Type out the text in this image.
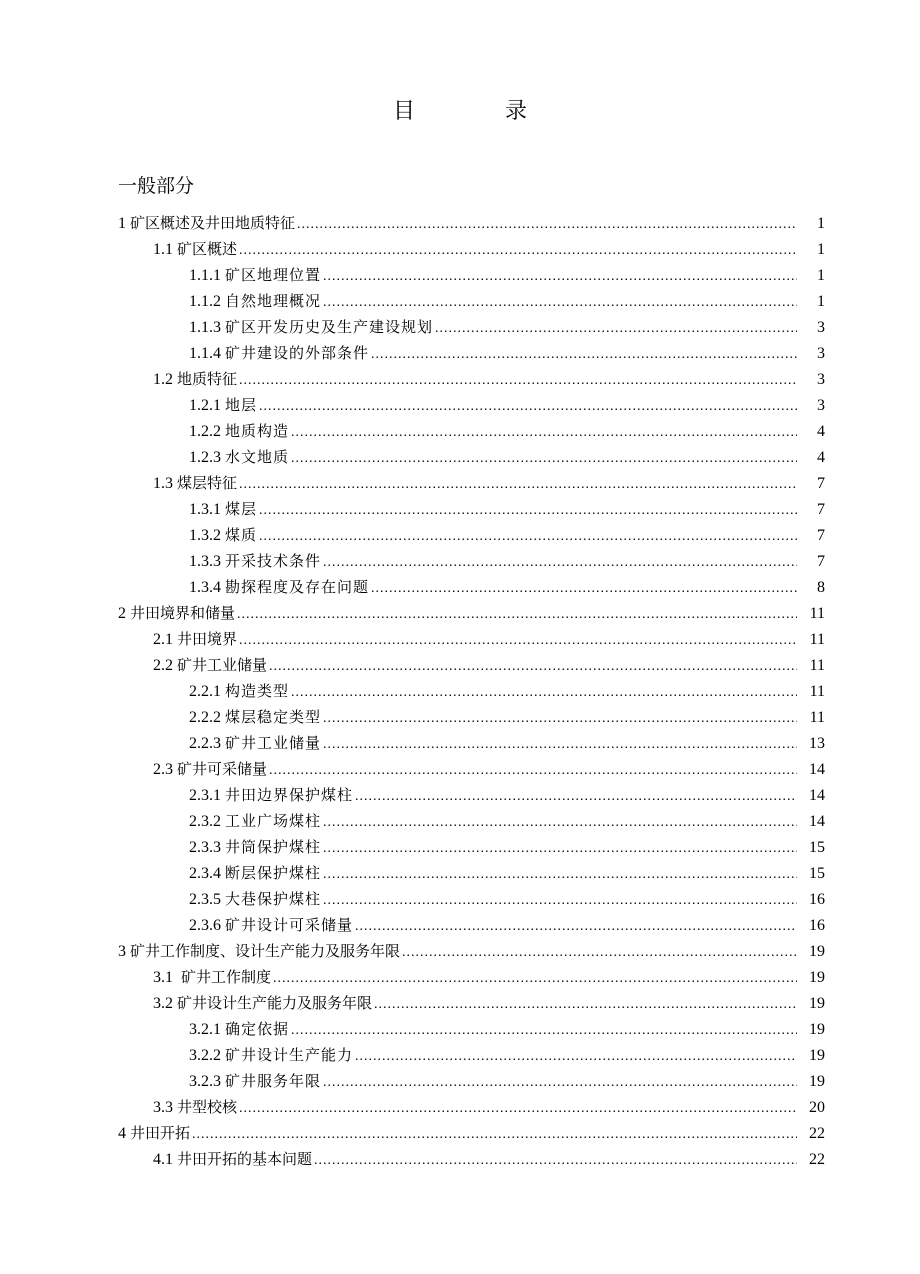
目　录
一般部分
1 矿区概述及井田地质特征 .....	1
1.1 矿区概述 .....	1
1.1.1 矿区地理位置 .....	1
1.1.2 自然地理概况 .....	1
1.1.3 矿区开发历史及生产建设规划 .....	3
1.1.4 矿井建设的外部条件 .....	3
1.2 地质特征 .....	3
1.2.1 地层 .....	3
1.2.2 地质构造 .....	4
1.2.3 水文地质 .....	4
1.3 煤层特征 .....	7
1.3.1 煤层 .....	7
1.3.2 煤质 .....	7
1.3.3 开采技术条件 .....	7
1.3.4 勘探程度及存在问题 .....	8
2 井田境界和储量 .....	11
2.1 井田境界 .....	11
2.2 矿井工业储量 .....	11
2.2.1 构造类型 .....	11
2.2.2 煤层稳定类型 .....	11
2.2.3 矿井工业储量 .....	13
2.3 矿井可采储量 .....	14
2.3.1 井田边界保护煤柱 .....	14
2.3.2 工业广场煤柱 .....	14
2.3.3 井筒保护煤柱 .....	15
2.3.4 断层保护煤柱 .....	15
2.3.5 大巷保护煤柱 .....	16
2.3.6 矿井设计可采储量 .....	16
3 矿井工作制度、设计生产能力及服务年限 .....	19
3.1 矿井工作制度 .....	19
3.2 矿井设计生产能力及服务年限 .....	19
3.2.1 确定依据 .....	19
3.2.2 矿井设计生产能力 .....	19
3.2.3 矿井服务年限 .....	19
3.3 井型校核 .....	20
4 井田开拓 .....	22
4.1 井田开拓的基本问题 .....	22
